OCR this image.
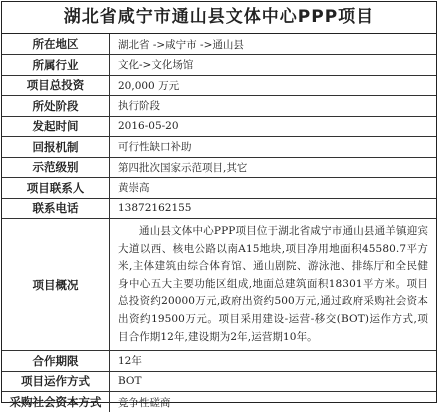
湖北省咸宁市通山县文体中心PPP项目
所在地区	湖北省 ->咸宁市 ->通山县
所属行业	文化->文化场馆
项目总投资	20,000 万元
所处阶段	执行阶段
发起时间	2016-05-20
回报机制	可行性缺口补助
示范级别	第四批次国家示范项目,其它
项目联系人	黄崇高
联系电话	13872162155
项目概况	通山县文体中心PPP项目位于湖北省咸宁市通山县通羊镇迎宾大道以西、核电公路以南A15地块,项目净用地面积45580.7平方米,主体建筑由综合体育馆、通山剧院、游泳池、排练厅和全民健身中心五大主要功能区组成,地面总建筑面积18301平方米。项目总投资约20000万元,政府出资约500万元,通过政府采购社会资本出资约19500万元。项目采用建设-运营-移交(BOT)运作方式,项目合作期12年,建设期为2年,运营期10年。
合作期限	12年
项目运作方式	BOT
采购社会资本方式	竞争性磋商
